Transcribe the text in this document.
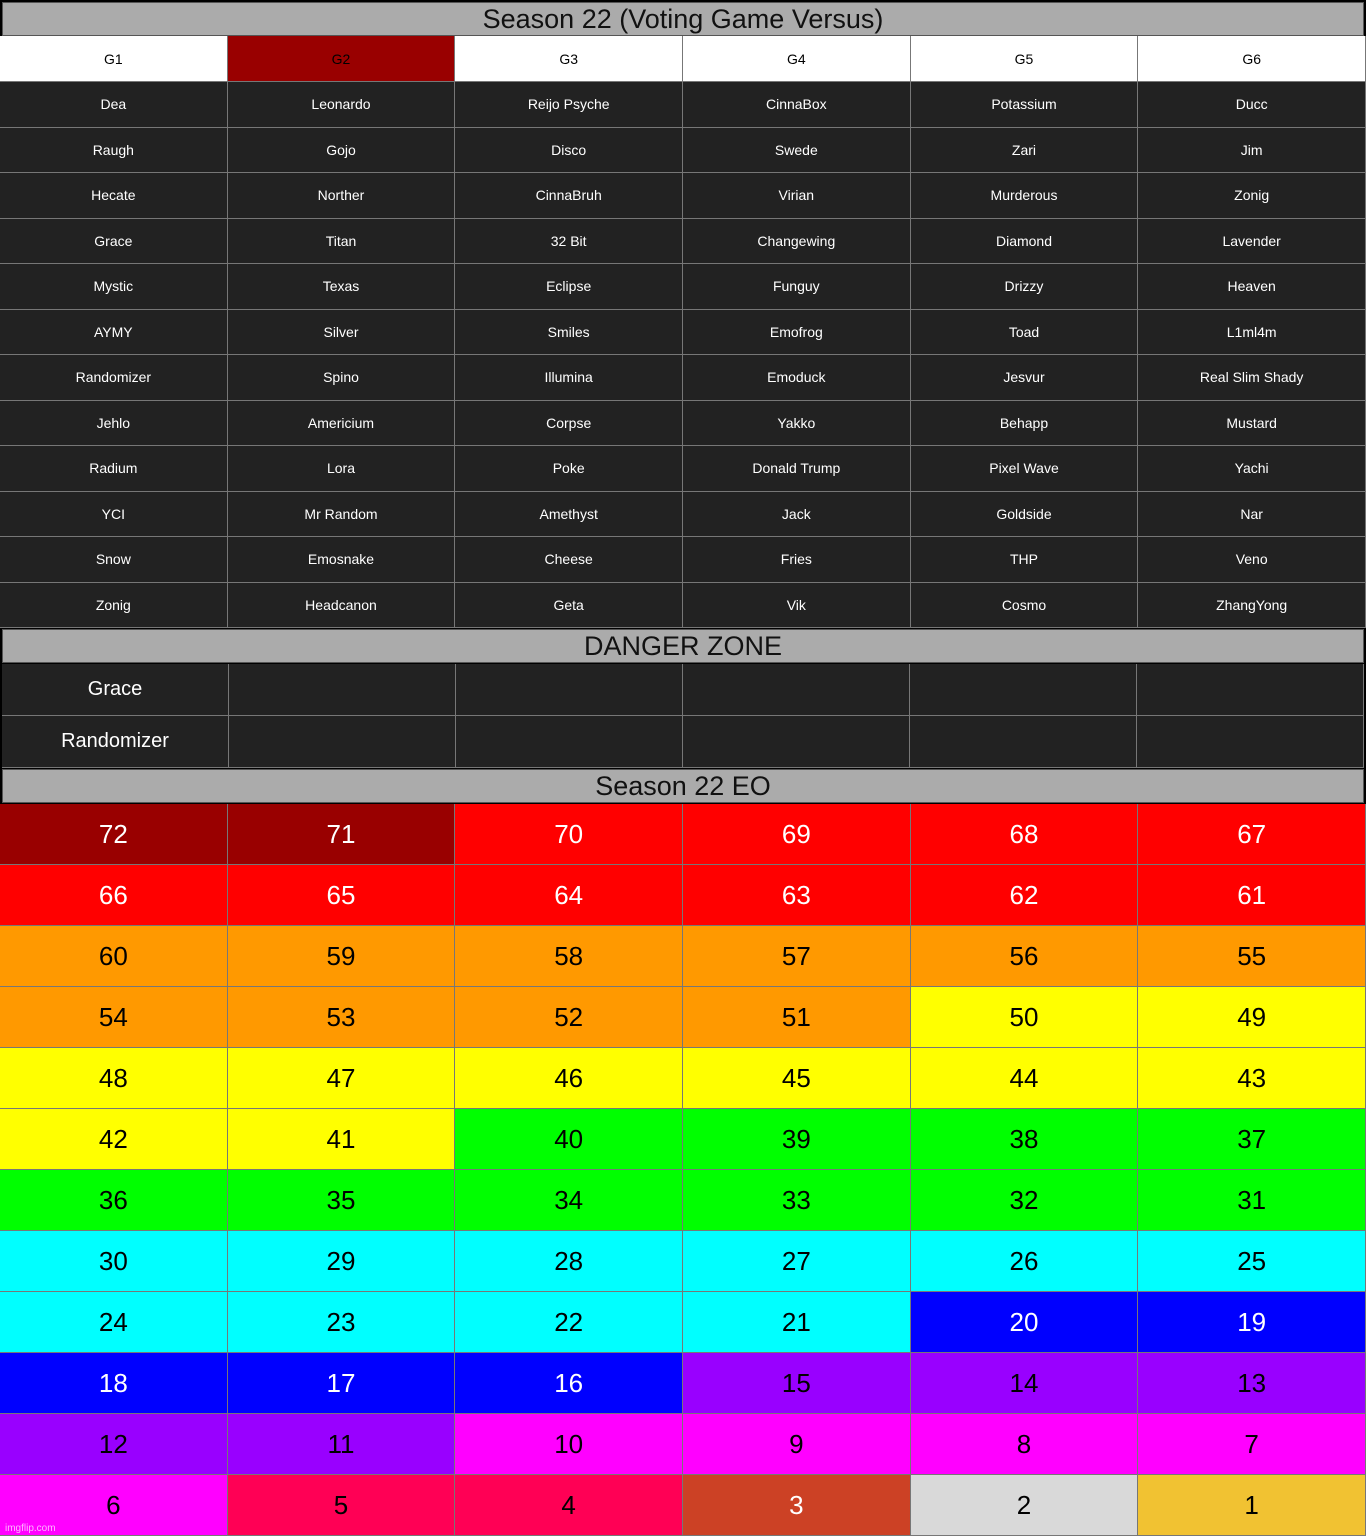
Season 22 (Voting Game Versus)
G1	G2	G3	G4	G5	G6
Dea	Leonardo	Reijo Psyche	CinnaBox	Potassium	Ducc
Raugh	Gojo	Disco	Swede	Zari	Jim
Hecate	Norther	CinnaBruh	Virian	Murderous	Zonig
Grace	Titan	32 Bit	Changewing	Diamond	Lavender
Mystic	Texas	Eclipse	Funguy	Drizzy	Heaven
AYMY	Silver	Smiles	Emofrog	Toad	L1ml4m
Randomizer	Spino	Illumina	Emoduck	Jesvur	Real Slim Shady
Jehlo	Americium	Corpse	Yakko	Behapp	Mustard
Radium	Lora	Poke	Donald Trump	Pixel Wave	Yachi
YCI	Mr Random	Amethyst	Jack	Goldside	Nar
Snow	Emosnake	Cheese	Fries	THP	Veno
Zonig	Headcanon	Geta	Vik	Cosmo	ZhangYong
DANGER ZONE
Grace
Randomizer
Season 22 EO
72	71	70	69	68	67
66	65	64	63	62	61
60	59	58	57	56	55
54	53	52	51	50	49
48	47	46	45	44	43
42	41	40	39	38	37
36	35	34	33	32	31
30	29	28	27	26	25
24	23	22	21	20	19
18	17	16	15	14	13
12	11	10	9	8	7
6	5	4	3	2	1
imgflip.com
